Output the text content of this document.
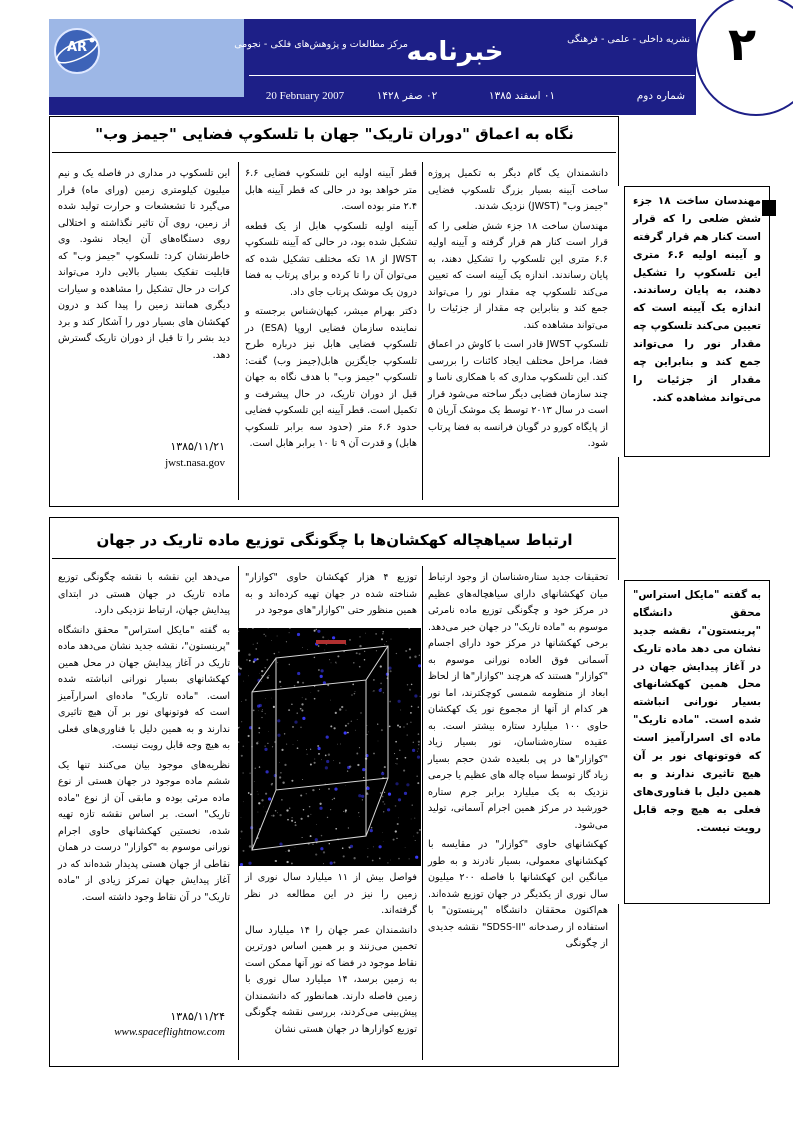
۲
AR
نشریه داخلی - علمی - فرهنگی
خبرنامه
مرکز مطالعات و پژوهش‌های فلکی - نجومی
شماره دوم
۰۱ اسفند ۱۳۸۵
۰۲ صفر ۱۴۲۸
20 February 2007
نگاه به اعماق "دوران تاریک" جهان با تلسکوپ فضایی "جیمز وب"

دانشمندان یک گام دیگر به تکمیل پروژه ساخت آیینه بسیار بزرگ تلسکوپ فضایی "جیمز وب" (JWST) نزدیک شدند.

مهندسان ساخت ۱۸ جزء شش ضلعی را که قرار است کنار هم قرار گرفته و آیینه اولیه ۶.۶ متری این تلسکوپ را تشکیل دهند، به پایان رساندند. اندازه یک آیینه است که تعیین می‌کند تلسکوپ چه مقدار نور را می‌تواند جمع کند و بنابراین چه مقدار از جزئیات را می‌تواند مشاهده کند.

تلسکوپ JWST قادر است با کاوش در اعماق فضا، مراحل مختلف ایجاد کائنات را بررسی کند. این تلسکوپ مداری که با همکاری ناسا و چند سازمان فضایی دیگر ساخته می‌شود قرار است در سال ۲۰۱۳ توسط یک موشک آریان ۵ از پایگاه کورو در گویان فرانسه به فضا پرتاب شود.

قطر آیینه اولیه این تلسکوپ فضایی ۶.۶ متر خواهد بود در حالی که قطر آیینه هابل ۲.۴ متر بوده است.

آیینه اولیه تلسکوپ هابل از یک قطعه تشکیل شده بود، در حالی که آیینه تلسکوپ JWST از ۱۸ تکه مختلف تشکیل شده که می‌توان آن را تا کرده و برای پرتاب به فضا درون یک موشک پرتاب جای داد.

دکتر بهرام میشر، کیهان‌شناس برجسته و نماینده سازمان فضایی اروپا (ESA) در تلسکوپ فضایی هابل نیز درباره طرح تلسکوپ جایگزین هابل(جیمز وب) گفت: تلسکوپ "جیمز وب" با هدف نگاه به جهان قبل از دوران تاریک، در حال پیشرفت و تکمیل است. قطر آیینه این تلسکوپ فضایی حدود ۶.۶ متر (حدود سه برابر تلسکوپ هابل) و قدرت آن ۹ تا ۱۰ برابر هابل است.

این تلسکوپ در مداری در فاصله یک و نیم میلیون کیلومتری زمین (ورای ماه) قرار می‌گیرد تا تشعشعات و حرارت تولید شده از زمین، روی آن تاثیر نگذاشته و اختلالی روی دستگاه‌های آن ایجاد نشود. وی خاطرنشان کرد: تلسکوپ "جیمز وب" که قابلیت تفکیک بسیار بالایی دارد می‌تواند کرات در حال تشکیل را مشاهده و سیارات دیگری همانند زمین را پیدا کند و درون کهکشان های بسیار دور را آشکار کند و برد دید بشر را تا قبل از دوران تاریک گسترش دهد.

۱۳۸۵/۱۱/۲۱
jwst.nasa.gov
مهندسان ساخت ۱۸ جزء شش ضلعی را که قرار است کنار هم قرار گرفته و آیینه اولیه ۶.۶ متری این تلسکوپ را تشکیل دهند، به پایان رساندند. اندازه یک آیینه است که تعیین می‌کند تلسکوپ چه مقدار نور را می‌تواند جمع کند و بنابراین چه مقدار از جزئیات را می‌تواند مشاهده کند.
ارتباط سیاهچاله کهکشان‌ها با چگونگی توزیع ماده تاریک در جهان

تحقیقات جدید ستاره‌شناسان از وجود ارتباط میان کهکشانهای دارای سیاهچاله‌های عظیم در مرکز خود و چگونگی توزیع ماده نامرئی موسوم به "ماده تاریک" در جهان خبر می‌دهد. برخی کهکشانها در مرکز خود دارای اجسام آسمانی فوق العاده نورانی موسوم به "کوازار" هستند که هرچند "کوازار"ها از لحاظ ابعاد از منظومه شمسی کوچکترند، اما نور هر کدام از آنها از مجموع نور یک کهکشان حاوی ۱۰۰ میلیارد ستاره بیشتر است. به عقیده ستاره‌شناسان، نور بسیار زیاد "کوازار"ها در پی بلعیده شدن حجم بسیار زیاد گاز توسط سیاه چاله های عظیم یا جرمی نزدیک به یک میلیارد برابر جرم ستاره خورشید در مرکز همین اجرام آسمانی، تولید می‌شود.

کهکشانهای حاوی "کوازار" در مقایسه با کهکشانهای معمولی، بسیار نادرند و به طور میانگین این کهکشانها با فاصله ۲۰۰ میلیون سال نوری از یکدیگر در جهان توزیع شده‌اند. هم‌اکنون محققان دانشگاه "پرینستون" با استفاده از رصدخانه "SDSS-II" نقشه جدیدی از چگونگی

توزیع ۴ هزار کهکشان حاوی "کوازار" شناخته شده در جهان تهیه کرده‌اند و به همین منظور حتی "کوازار"های موجود در

فواصل بیش از ۱۱ میلیارد سال نوری از زمین را نیز در این مطالعه در نظر گرفته‌اند.

دانشمندان عمر جهان را ۱۴ میلیارد سال تخمین می‌زنند و بر همین اساس دورترین نقاط موجود در فضا که نور آنها ممکن است به زمین برسد، ۱۴ میلیارد سال نوری با زمین فاصله دارند. همانطور که دانشمندان پیش‌بینی می‌کردند، بررسی نقشه چگونگی توزیع کوازارها در جهان هستی نشان

می‌دهد این نقشه با نقشه چگونگی توزیع ماده تاریک در جهان هستی در ابتدای پیدایش جهان، ارتباط نزدیکی دارد.

به گفته "مایکل استراس" محقق دانشگاه "پرینستون"، نقشه جدید نشان می‌دهد ماده تاریک در آغاز پیدایش جهان در محل همین کهکشانهای بسیار نورانی انباشته شده است. "ماده تاریک" ماده‌ای اسرارآمیز است که فوتونهای نور بر آن هیچ تاثیری ندارند و به همین دلیل با فناوری‌های فعلی به هیچ وجه قابل رویت نیست.

نظریه‌های موجود بیان می‌کنند تنها یک ششم ماده موجود در جهان هستی از نوع ماده مرئی بوده و مابقی آن از نوع "ماده تاریک" است. بر اساس نقشه تازه تهیه شده، نخستین کهکشانهای حاوی اجرام نورانی موسوم به "کوازار" درست در همان نقاطی از جهان هستی پدیدار شده‌اند که در آغاز پیدایش جهان تمرکز زیادی از "ماده تاریک" در آن نقاط وجود داشته است.

۱۳۸۵/۱۱/۲۴
www.spaceflightnow.com
به گفته "مایکل استراس" محقق دانشگاه "پرینستون"، نقشه جدید نشان می دهد ماده تاریک در آغاز پیدایش جهان در محل همین کهکشانهای بسیار نورانی انباشته شده است. "ماده تاریک" ماده ای اسرارآمیز است که فوتونهای نور بر آن هیچ تاثیری ندارند و به همین دلیل با فناوری‌های فعلی به هیچ وجه قابل رویت نیست.
